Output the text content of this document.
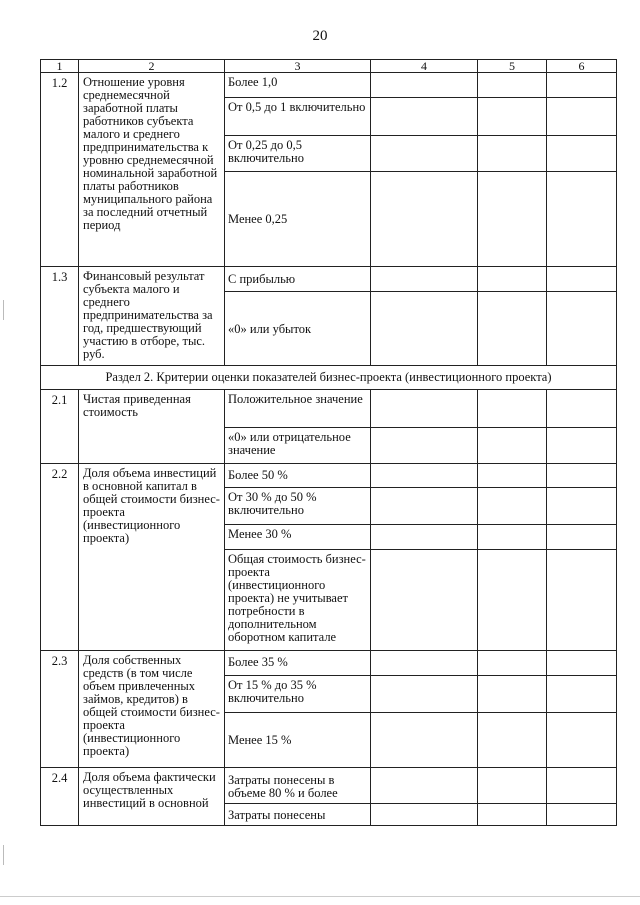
20
1	2	3	4	5	6
1.2	Отношение уровня среднемесячной заработной платы работников субъекта малого и среднего предпринимательства к уровню среднемесячной номинальной заработной платы работников муниципального района за последний отчетный период	Более 1,0			
		От 0,5 до 1 включительно			
		От 0,25 до 0,5 включительно			
		Менее 0,25			
1.3	Финансовый результат субъекта малого и среднего предпринимательства за год, предшествующий участию в отборе, тыс. руб.	С прибылью			
		«0» или убыток			
Раздел 2. Критерии оценки показателей бизнес-проекта (инвестиционного проекта)					
2.1	Чистая приведенная стоимость	Положительное значение			
		«0» или отрицательное значение			
2.2	Доля объема инвестиций в основной капитал в общей стоимости бизнес-проекта (инвестиционного проекта)	Более 50 %			
		От 30 % до 50 % включительно			
		Менее 30 %			
		Общая стоимость бизнес-проекта (инвестиционного проекта) не учитывает потребности в дополнительном оборотном капитале			
2.3	Доля собственных средств (в том числе объем привлеченных займов, кредитов) в общей стоимости бизнес-проекта (инвестиционного проекта)	Более 35 %			
		От 15 % до 35 % включительно			
		Менее 15 %			
2.4	Доля объема фактически осуществленных инвестиций в основной	Затраты понесены в объеме 80 % и более			
		Затраты понесены			
